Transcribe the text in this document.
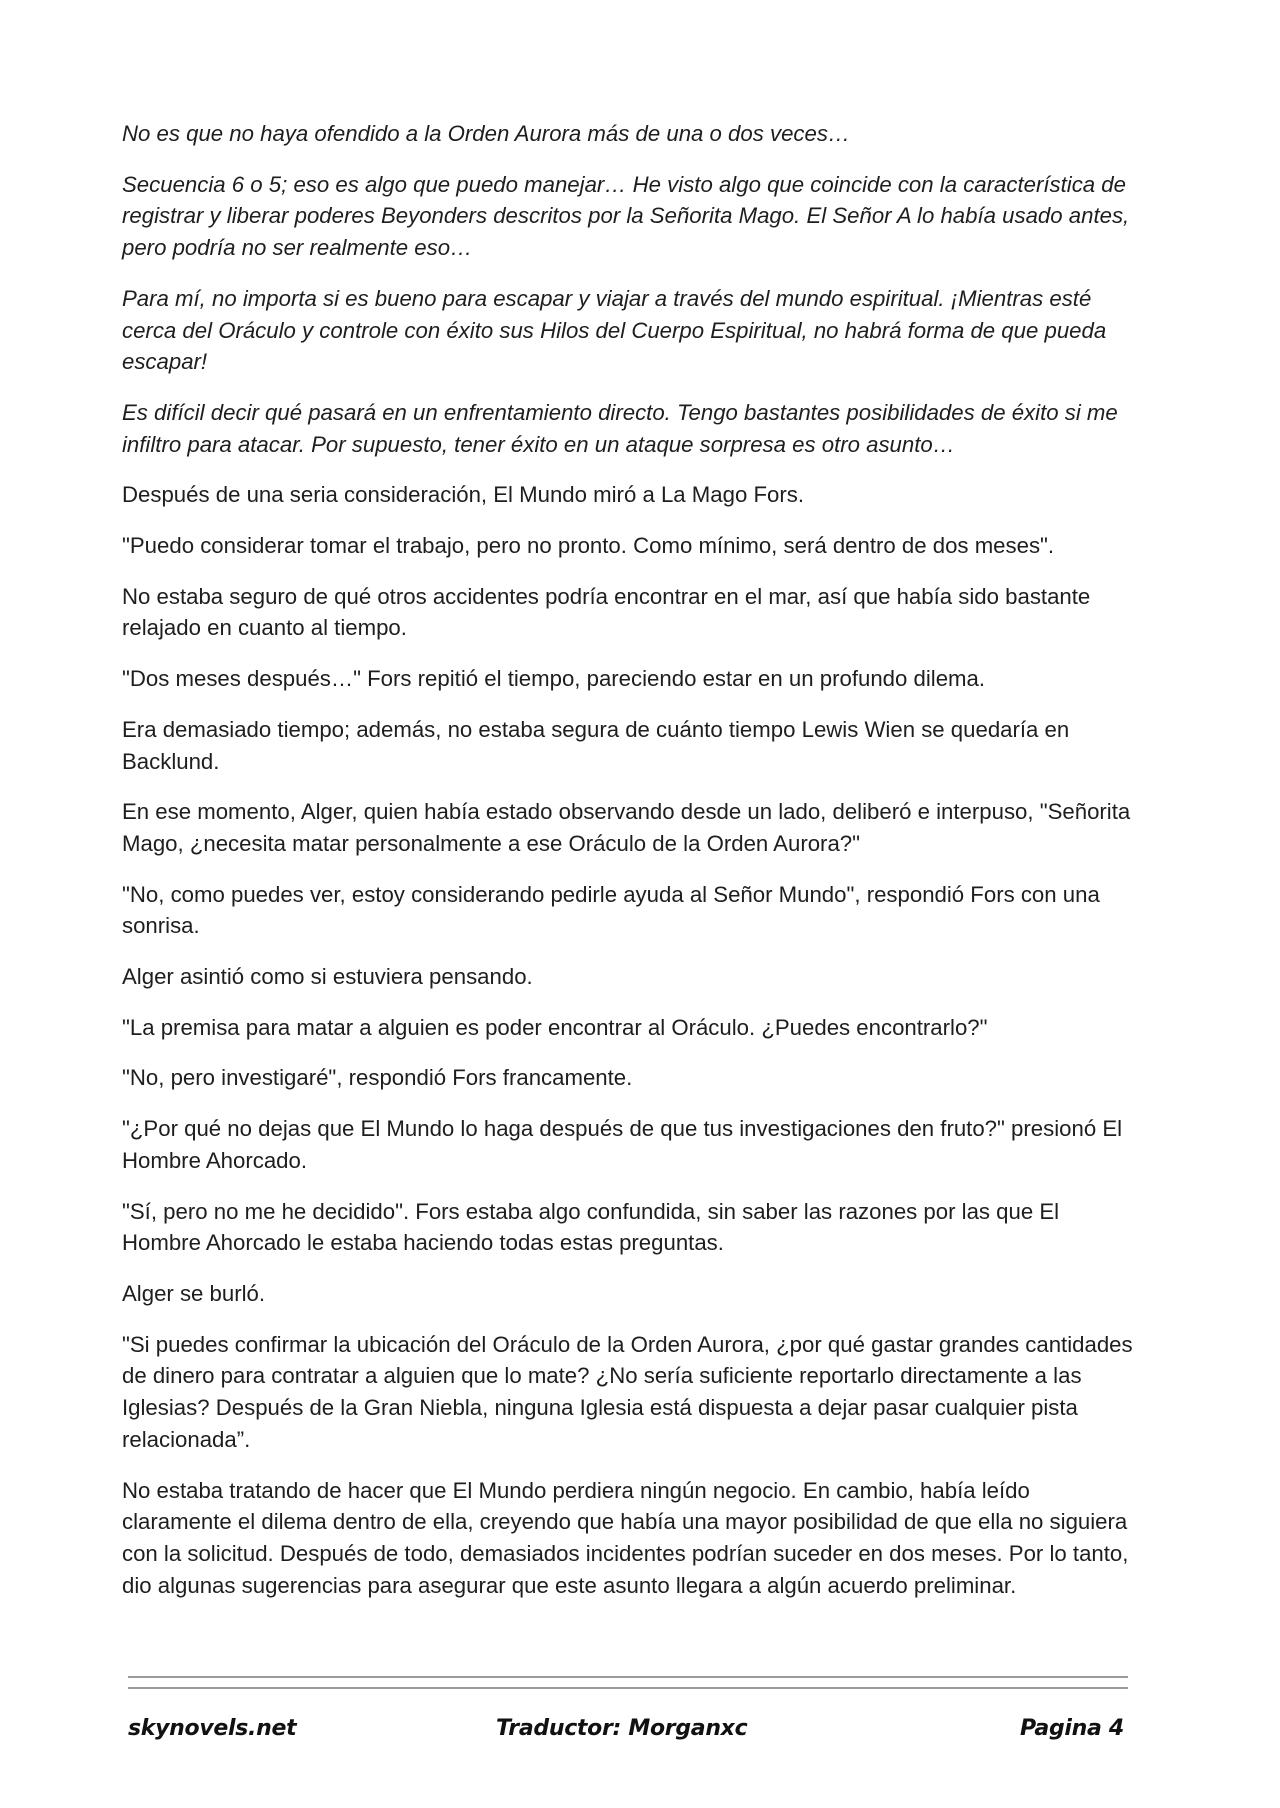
No es que no haya ofendido a la Orden Aurora más de una o dos veces…

Secuencia 6 o 5; eso es algo que puedo manejar… He visto algo que coincide con la característica de registrar y liberar poderes Beyonders descritos por la Señorita Mago. El Señor A lo había usado antes, pero podría no ser realmente eso…

Para mí, no importa si es bueno para escapar y viajar a través del mundo espiritual. ¡Mientras esté cerca del Oráculo y controle con éxito sus Hilos del Cuerpo Espiritual, no habrá forma de que pueda escapar!

Es difícil decir qué pasará en un enfrentamiento directo. Tengo bastantes posibilidades de éxito si me infiltro para atacar. Por supuesto, tener éxito en un ataque sorpresa es otro asunto…

Después de una seria consideración, El Mundo miró a La Mago Fors.

"Puedo considerar tomar el trabajo, pero no pronto. Como mínimo, será dentro de dos meses".

No estaba seguro de qué otros accidentes podría encontrar en el mar, así que había sido bastante relajado en cuanto al tiempo.

"Dos meses después…" Fors repitió el tiempo, pareciendo estar en un profundo dilema.

Era demasiado tiempo; además, no estaba segura de cuánto tiempo Lewis Wien se quedaría en Backlund.

En ese momento, Alger, quien había estado observando desde un lado, deliberó e interpuso, "Señorita Mago, ¿necesita matar personalmente a ese Oráculo de la Orden Aurora?"

"No, como puedes ver, estoy considerando pedirle ayuda al Señor Mundo", respondió Fors con una sonrisa.

Alger asintió como si estuviera pensando.

"La premisa para matar a alguien es poder encontrar al Oráculo. ¿Puedes encontrarlo?"

"No, pero investigaré", respondió Fors francamente.

"¿Por qué no dejas que El Mundo lo haga después de que tus investigaciones den fruto?" presionó El Hombre Ahorcado.

"Sí, pero no me he decidido". Fors estaba algo confundida, sin saber las razones por las que El Hombre Ahorcado le estaba haciendo todas estas preguntas.

Alger se burló.

"Si puedes confirmar la ubicación del Oráculo de la Orden Aurora, ¿por qué gastar grandes cantidades de dinero para contratar a alguien que lo mate? ¿No sería suficiente reportarlo directamente a las Iglesias? Después de la Gran Niebla, ninguna Iglesia está dispuesta a dejar pasar cualquier pista relacionada”.

No estaba tratando de hacer que El Mundo perdiera ningún negocio. En cambio, había leído claramente el dilema dentro de ella, creyendo que había una mayor posibilidad de que ella no siguiera con la solicitud. Después de todo, demasiados incidentes podrían suceder en dos meses. Por lo tanto, dio algunas sugerencias para asegurar que este asunto llegara a algún acuerdo preliminar.

skynovels.net	Traductor: Morganxc	Pagina 4
